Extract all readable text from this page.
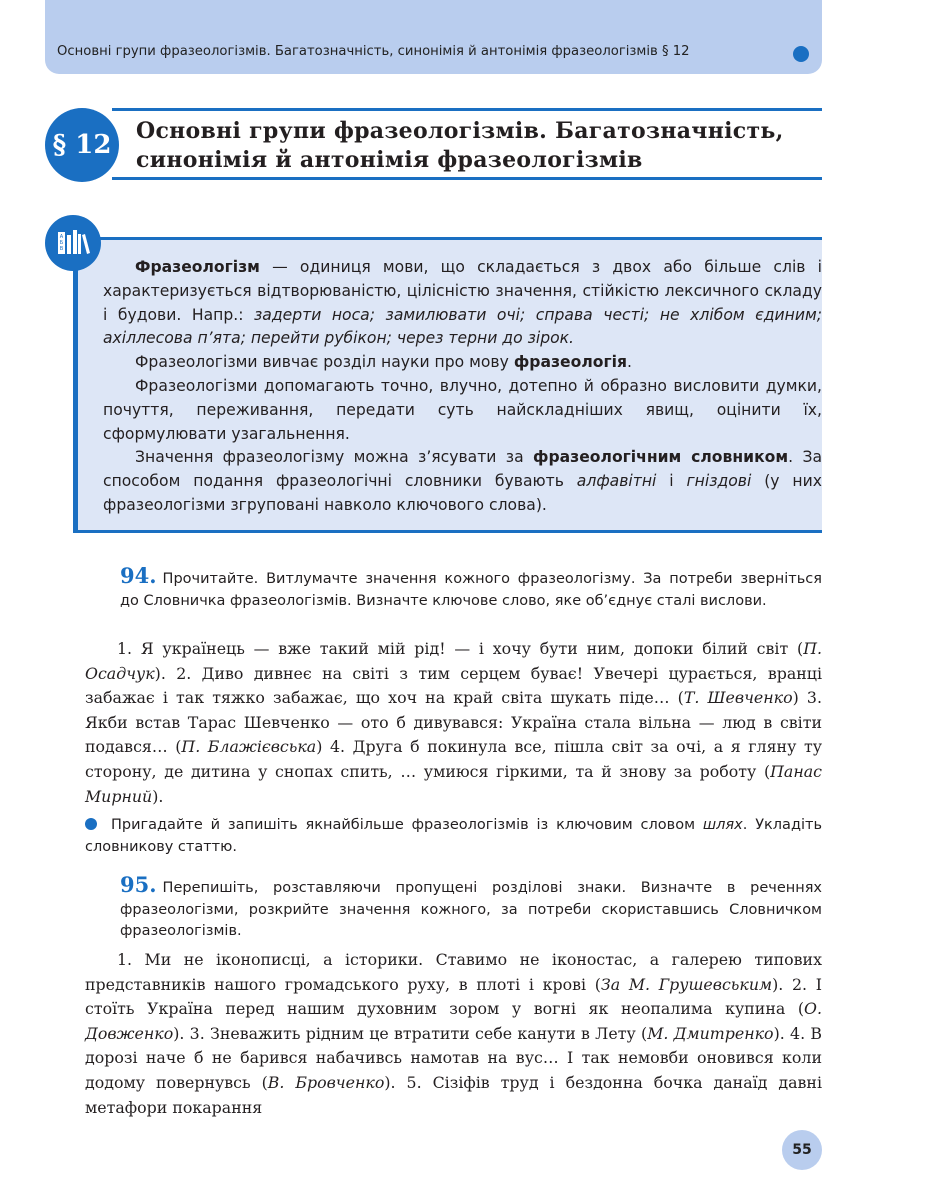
Основні групи фразеологізмів. Багатозначність, синонімія й антонімія фразеологізмів § 12
§ 12	Основні групи фразеологізмів. Багатозначність, синонімія й антонімія фразеологізмів
А
Б
В

Фразеологізм — одиниця мови, що складається з двох або більше слів і характеризується відтворюваністю, цілісністю значення, стійкістю лексичного складу і будови. Напр.: задерти носа; замилювати очі; справа честі; не хлібом єдиним; ахіллесова п’ята; перейти рубікон; через терни до зірок.

Фразеологізми вивчає розділ науки про мову фразеологія.

Фразеологізми допомагають точно, влучно, дотепно й образно висловити думки, почуття, переживання, передати суть найскладніших явищ, оцінити їх, сформулювати узагальнення.

Значення фразеологізму можна з’ясувати за фразеологічним словником. За способом подання фразеологічні словники бувають алфавітні і гніздові (у них фразеологізми згруповані навколо ключового слова).

94. Прочитайте. Витлумачте значення кожного фразеологізму. За потреби зверніться до Словничка фразеологізмів. Визначте ключове слово, яке об’єднує сталі вислови.

1. Я українець — вже такий мій рід! — і хочу бути ним, допоки білий світ (П. Осадчук). 2. Диво дивнеє на світі з тим серцем буває! Увечері цурається, вранці забажає і так тяжко забажає, що хоч на край світа шукать піде… (Т. Шевченко) 3. Якби встав Тарас Шевченко — ото б дивувався: Україна стала вільна — люд в світи подався… (П. Блажієвська) 4. Друга б покинула все, пішла світ за очі, а я гляну ту сторону, де дитина у снопах спить, … умиюся гіркими, та й знову за роботу (Панас Мирний).

Пригадайте й запишіть якнайбільше фразеологізмів із ключовим словом шлях. Укладіть словникову статтю.
95. Перепишіть, розставляючи пропущені розділові знаки. Визначте в реченнях фразеологізми, розкрийте значення кожного, за потреби скориставшись Словничком фразеологізмів.

1. Ми не іконописці, а історики. Ставимо не іконостас, а галерею типових представників нашого громадського руху, в плоті і крові (За М. Грушевським). 2. І стоїть Україна перед нашим духовним зором у вогні як неопалима купина (О. Довженко). 3. Зневажить рідним це втратити себе канути в Лету (М. Дмитренко). 4. В дорозі наче б не барився набачивсь намотав на вус… І так немовби оновився коли додому повернувсь (В. Бровченко). 5. Сізіфів труд і бездонна бочка данаїд давні метафори покарання

55
